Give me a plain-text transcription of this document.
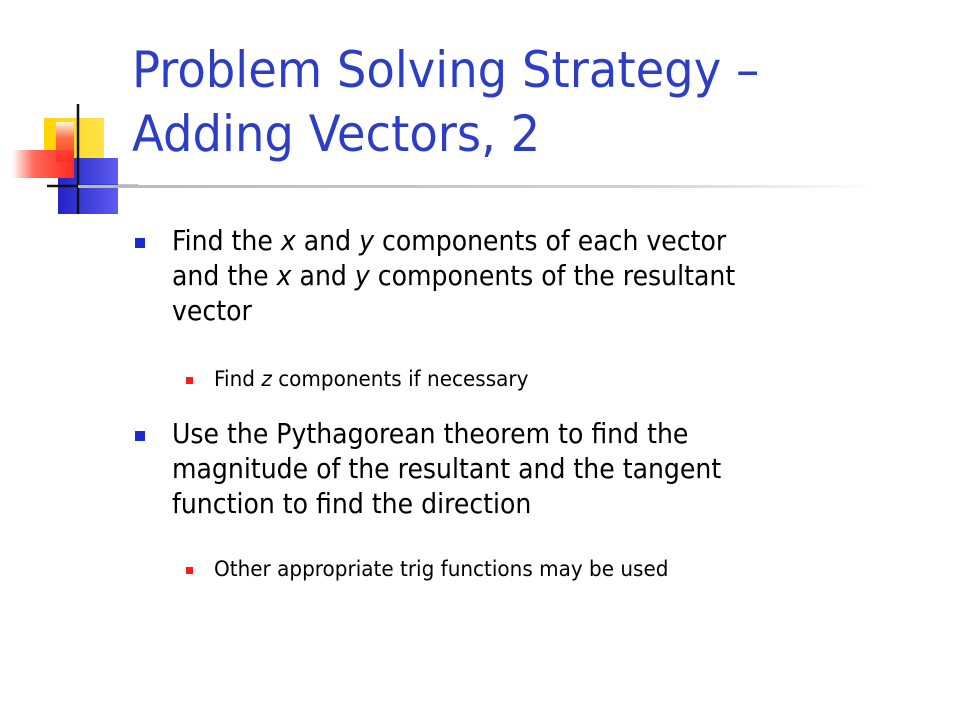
Problem Solving Strategy –
Adding Vectors, 2
Find the x and y components of each vector
and the x and y components of the resultant
vector
Find z components if necessary
Use the Pythagorean theorem to find the
magnitude of the resultant and the tangent
function to find the direction
Other appropriate trig functions may be used
